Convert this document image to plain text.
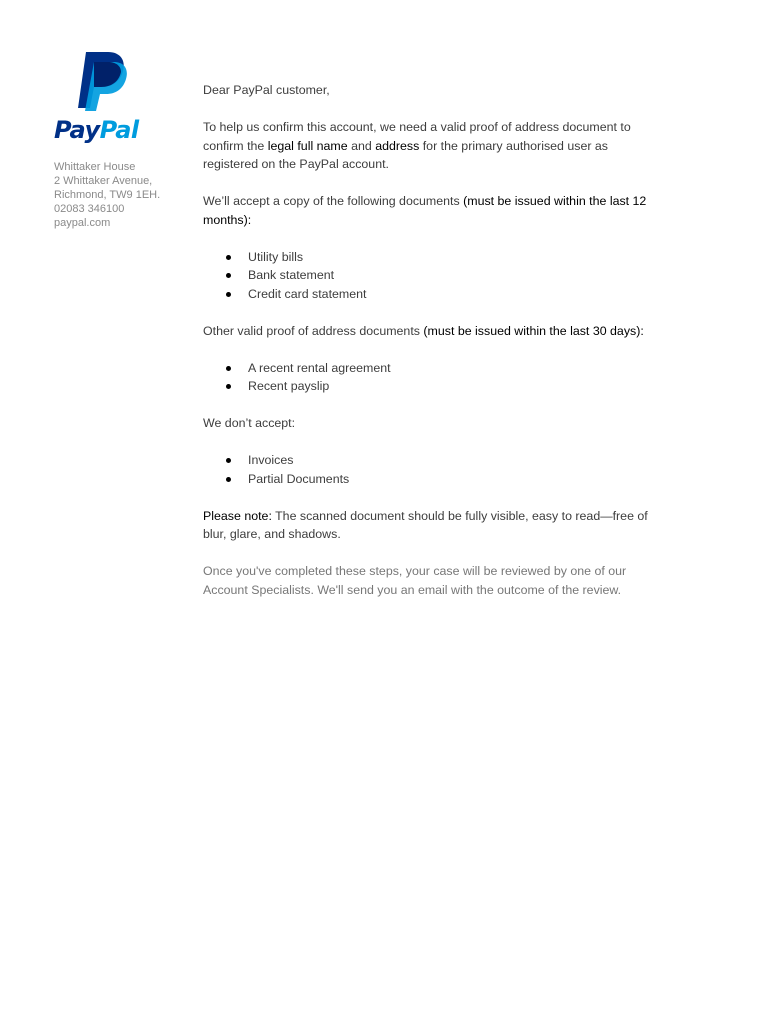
PayPal
Whittaker House
2 Whittaker Avenue,
Richmond, TW9 1EH.
02083 346100
paypal.com

Dear PayPal customer,

To help us confirm this account, we need a valid proof of address document to confirm the legal full name and address for the primary authorised user as registered on the PayPal account.

We’ll accept a copy of the following documents (must be issued within the last 12 months):

Utility bills
Bank statement
Credit card statement

Other valid proof of address documents (must be issued within the last 30 days):

A recent rental agreement
Recent payslip

We don’t accept:

Invoices
Partial Documents

Please note: The scanned document should be fully visible, easy to read—free of blur, glare, and shadows.

Once you've completed these steps, your case will be reviewed by one of our Account Specialists. We'll send you an email with the outcome of the review.
